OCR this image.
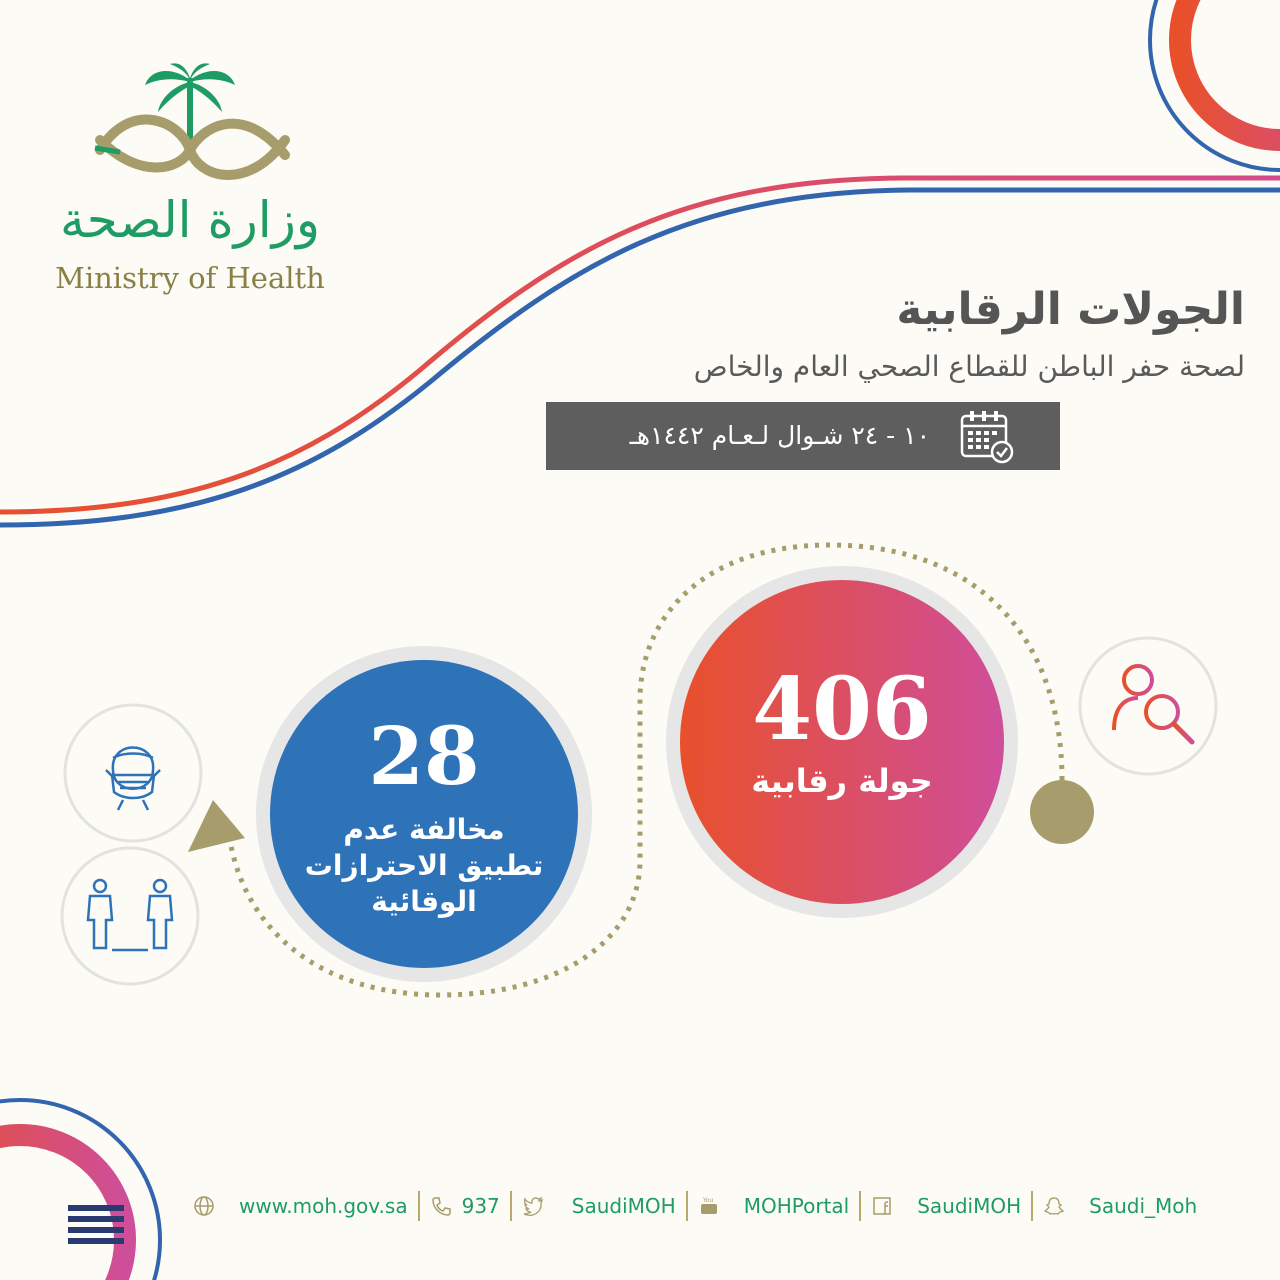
وزارة الصحة
Ministry of Health
الجولات الرقابية
لصحة حفر الباطن للقطاع الصحي العام والخاص
١٠ - ٢٤ شـوال لـعـام ١٤٤٢هـ
406
جولة رقابية
28
مخالفة عدم
تطبيق الاحترازات
الوقائية
www.moh.gov.sa	937	SaudiMOH	You MOHPortal	SaudiMOH	Saudi_Moh
